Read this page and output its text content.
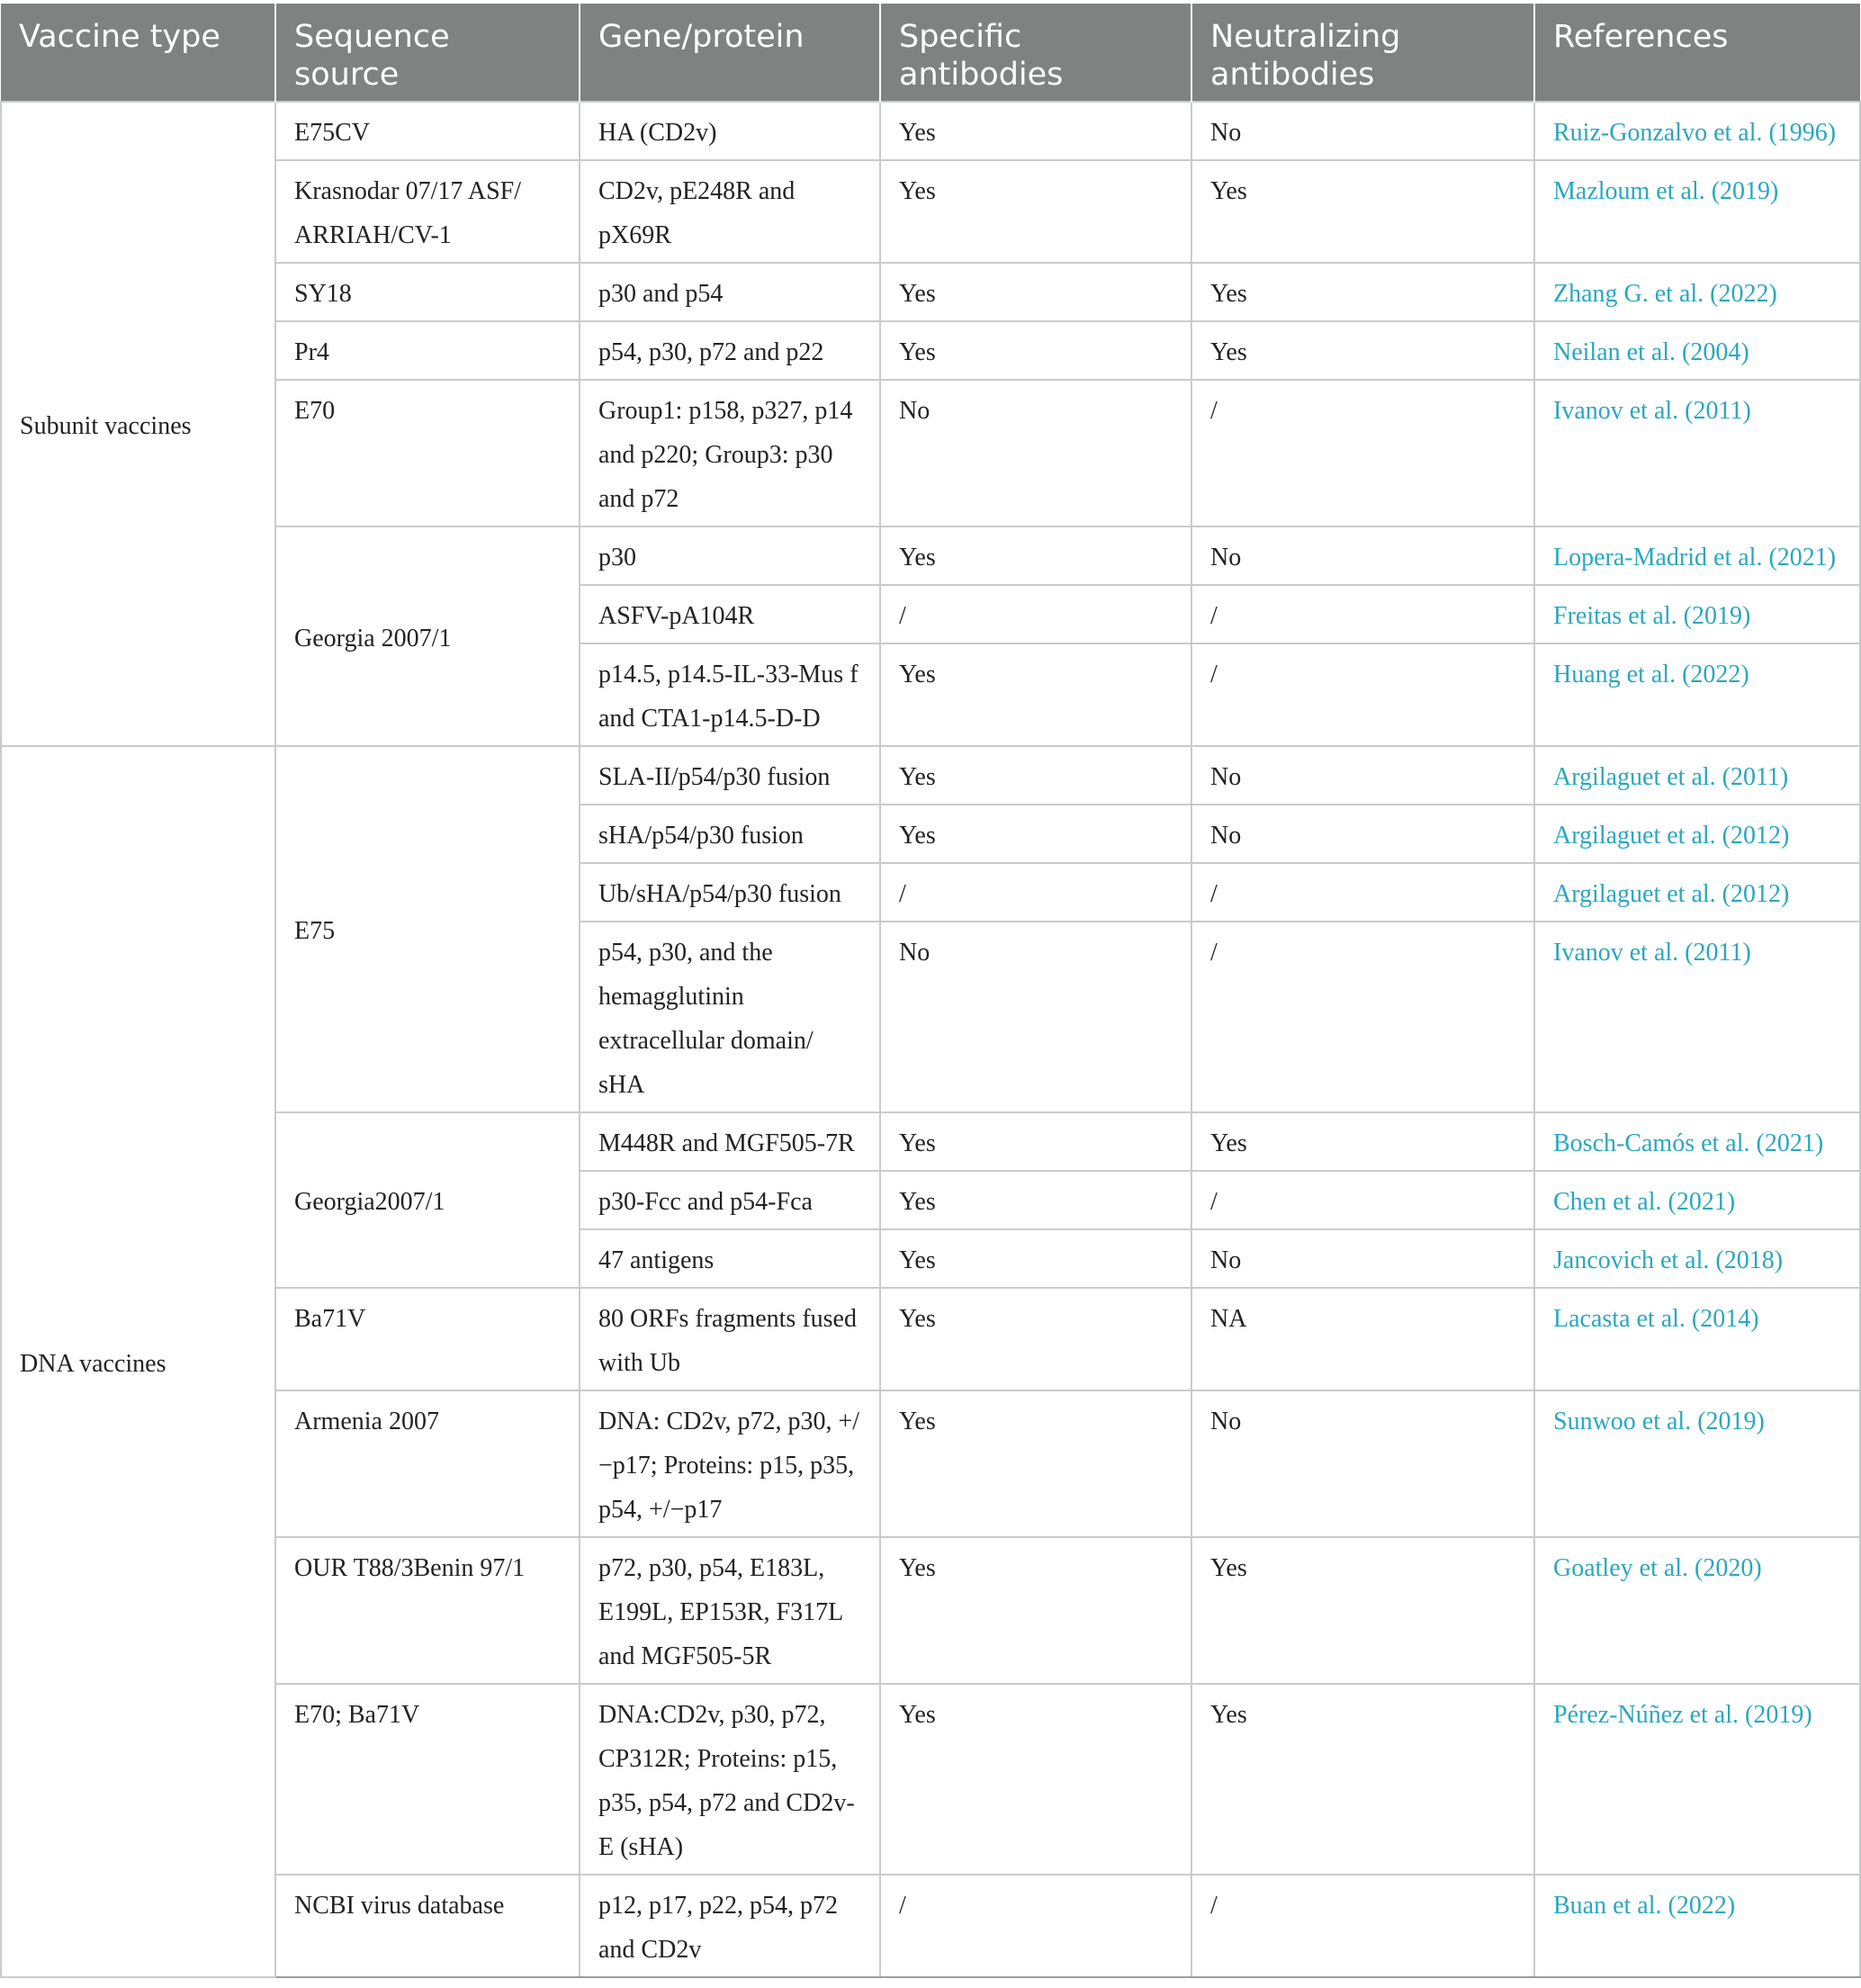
Vaccine type	Sequence source	Gene/protein	Specific antibodies	Neutralizing antibodies	References
Subunit vaccines	E75CV	HA (CD2v)	Yes	No	Ruiz-Gonzalvo et al. (1996)
	Krasnodar 07/17 ASF/ ARRIAH/CV-1	CD2v, pE248R and pX69R	Yes	Yes	Mazloum et al. (2019)
	SY18	p30 and p54	Yes	Yes	Zhang G. et al. (2022)
	Pr4	p54, p30, p72 and p22	Yes	Yes	Neilan et al. (2004)
	E70	Group1: p158, p327, p14 and p220; Group3: p30 and p72	No	/	Ivanov et al. (2011)
	Georgia 2007/1	p30	Yes	No	Lopera-Madrid et al. (2021)
		ASFV-pA104R	/	/	Freitas et al. (2019)
		p14.5, p14.5-IL-33-Mus f and CTA1-p14.5-D-D	Yes	/	Huang et al. (2022)
DNA vaccines	E75	SLA-II/p54/p30 fusion	Yes	No	Argilaguet et al. (2011)
		sHA/p54/p30 fusion	Yes	No	Argilaguet et al. (2012)
		Ub/sHA/p54/p30 fusion	/	/	Argilaguet et al. (2012)
		p54, p30, and the hemagglutinin extracellular domain/ sHA	No	/	Ivanov et al. (2011)
	Georgia2007/1	M448R and MGF505-7R	Yes	Yes	Bosch-Camós et al. (2021)
		p30-Fcc and p54-Fca	Yes	/	Chen et al. (2021)
		47 antigens	Yes	No	Jancovich et al. (2018)
	Ba71V	80 ORFs fragments fused with Ub	Yes	NA	Lacasta et al. (2014)
	Armenia 2007	DNA: CD2v, p72, p30, +/−p17; Proteins: p15, p35, p54, +/−p17	Yes	No	Sunwoo et al. (2019)
	OUR T88/3Benin 97/1	p72, p30, p54, E183L, E199L, EP153R, F317L and MGF505-5R	Yes	Yes	Goatley et al. (2020)
	E70; Ba71V	DNA:CD2v, p30, p72, CP312R; Proteins: p15, p35, p54, p72 and CD2v-E (sHA)	Yes	Yes	Pérez-Núñez et al. (2019)
	NCBI virus database	p12, p17, p22, p54, p72 and CD2v	/	/	Buan et al. (2022)
